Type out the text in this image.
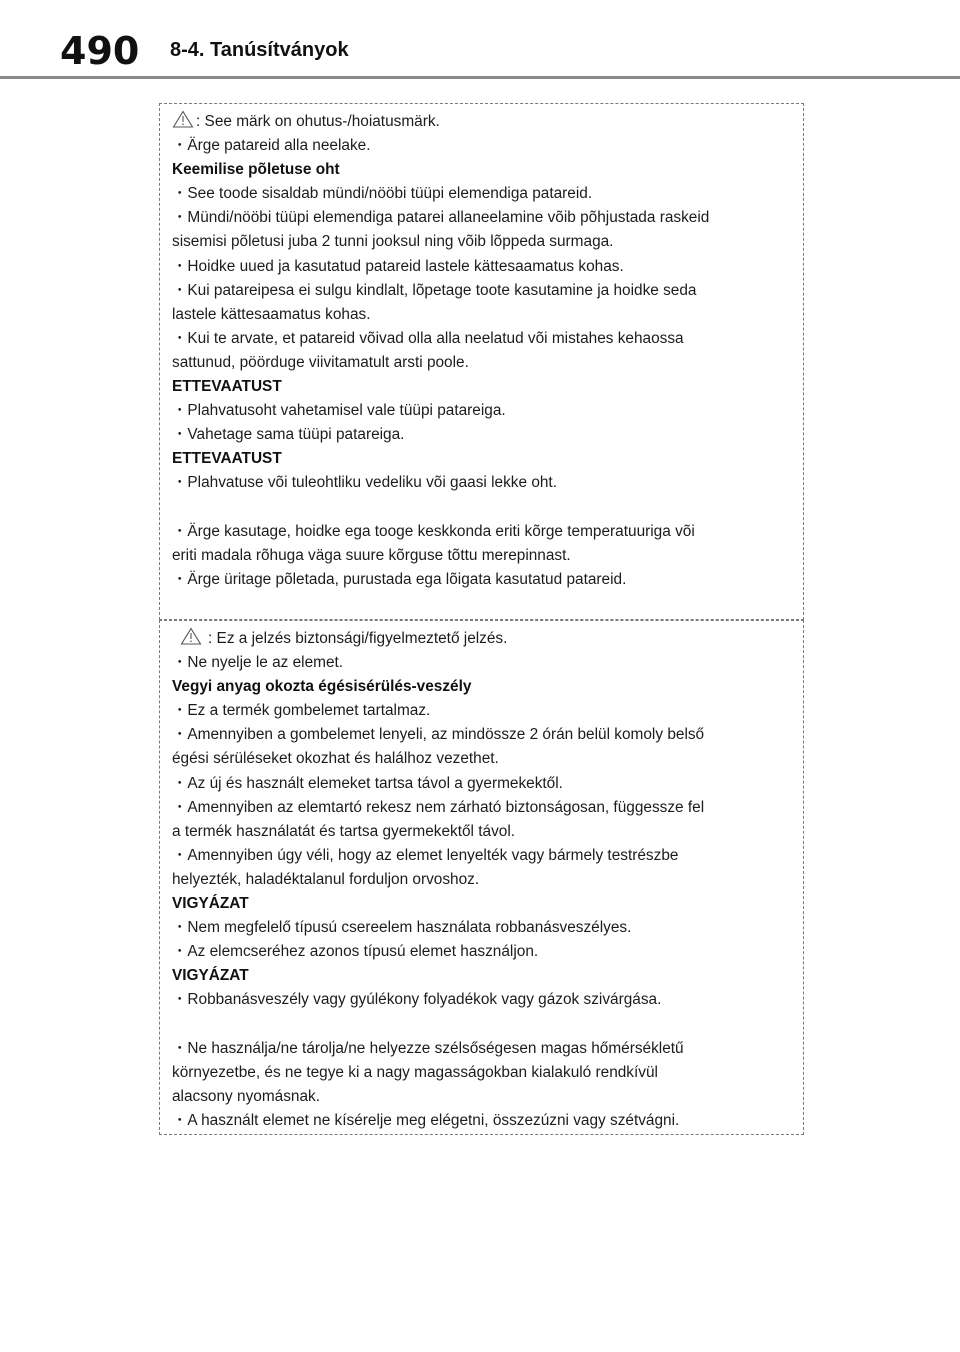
490 8-4. Tanúsítványok
: See märk on ohutus-/hoiatusmärk.
・Ärge patareid alla neelake.
Keemilise põletuse oht
・See toode sisaldab mündi/nööbi tüüpi elemendiga patareid.
・Mündi/nööbi tüüpi elemendiga patarei allaneelamine võib põhjustada raskeid
sisemisi põletusi juba 2 tunni jooksul ning võib lõppeda surmaga.
・Hoidke uued ja kasutatud patareid lastele kättesaamatus kohas.
・Kui patareipesa ei sulgu kindlalt, lõpetage toote kasutamine ja hoidke seda
lastele kättesaamatus kohas.
・Kui te arvate, et patareid võivad olla alla neelatud või mistahes kehaossa
sattunud, pöörduge viivitamatult arsti poole.
ETTEVAATUST
・Plahvatusoht vahetamisel vale tüüpi patareiga.
・Vahetage sama tüüpi patareiga.
ETTEVAATUST
・Plahvatuse või tuleohtliku vedeliku või gaasi lekke oht.
・Ärge kasutage, hoidke ega tooge keskkonda eriti kõrge temperatuuriga või
eriti madala rõhuga väga suure kõrguse tõttu merepinnast.
・Ärge üritage põletada, purustada ega lõigata kasutatud patareid.
: Ez a jelzés biztonsági/figyelmeztető jelzés.
・Ne nyelje le az elemet.
Vegyi anyag okozta égésisérülés-veszély
・Ez a termék gombelemet tartalmaz.
・Amennyiben a gombelemet lenyeli, az mindössze 2 órán belül komoly belső
égési sérüléseket okozhat és halálhoz vezethet.
・Az új és használt elemeket tartsa távol a gyermekektől.
・Amennyiben az elemtartó rekesz nem zárható biztonságosan, függessze fel
a termék használatát és tartsa gyermekektől távol.
・Amennyiben úgy véli, hogy az elemet lenyelték vagy bármely testrészbe
helyezték, haladéktalanul forduljon orvoshoz.
VIGYÁZAT
・Nem megfelelő típusú csereelem használata robbanásveszélyes.
・Az elemcseréhez azonos típusú elemet használjon.
VIGYÁZAT
・Robbanásveszély vagy gyúlékony folyadékok vagy gázok szivárgása.
・Ne használja/ne tárolja/ne helyezze szélsőségesen magas hőmérsékletű
környezetbe, és ne tegye ki a nagy magasságokban kialakuló rendkívül
alacsony nyomásnak.
・A használt elemet ne kísérelje meg elégetni, összezúzni vagy szétvágni.
